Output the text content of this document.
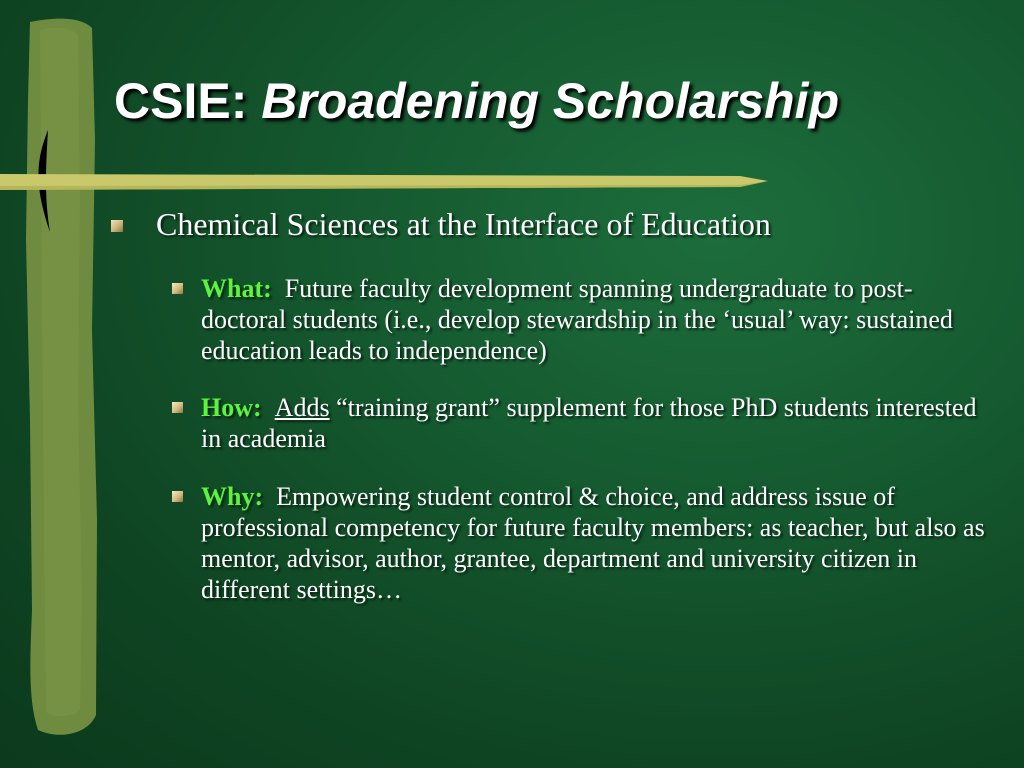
CSIE: Broadening Scholarship

Chemical Sciences at the Interface of Education

What: Future faculty development spanning undergraduate to post-doctoral students (i.e., develop stewardship in the ‘usual’ way: sustained education leads to independence)

How: Adds “training grant” supplement for those PhD students interested in academia

Why: Empowering student control & choice, and address issue of professional competency for future faculty members: as teacher, but also as mentor, advisor, author, grantee, department and university citizen in different settings…
